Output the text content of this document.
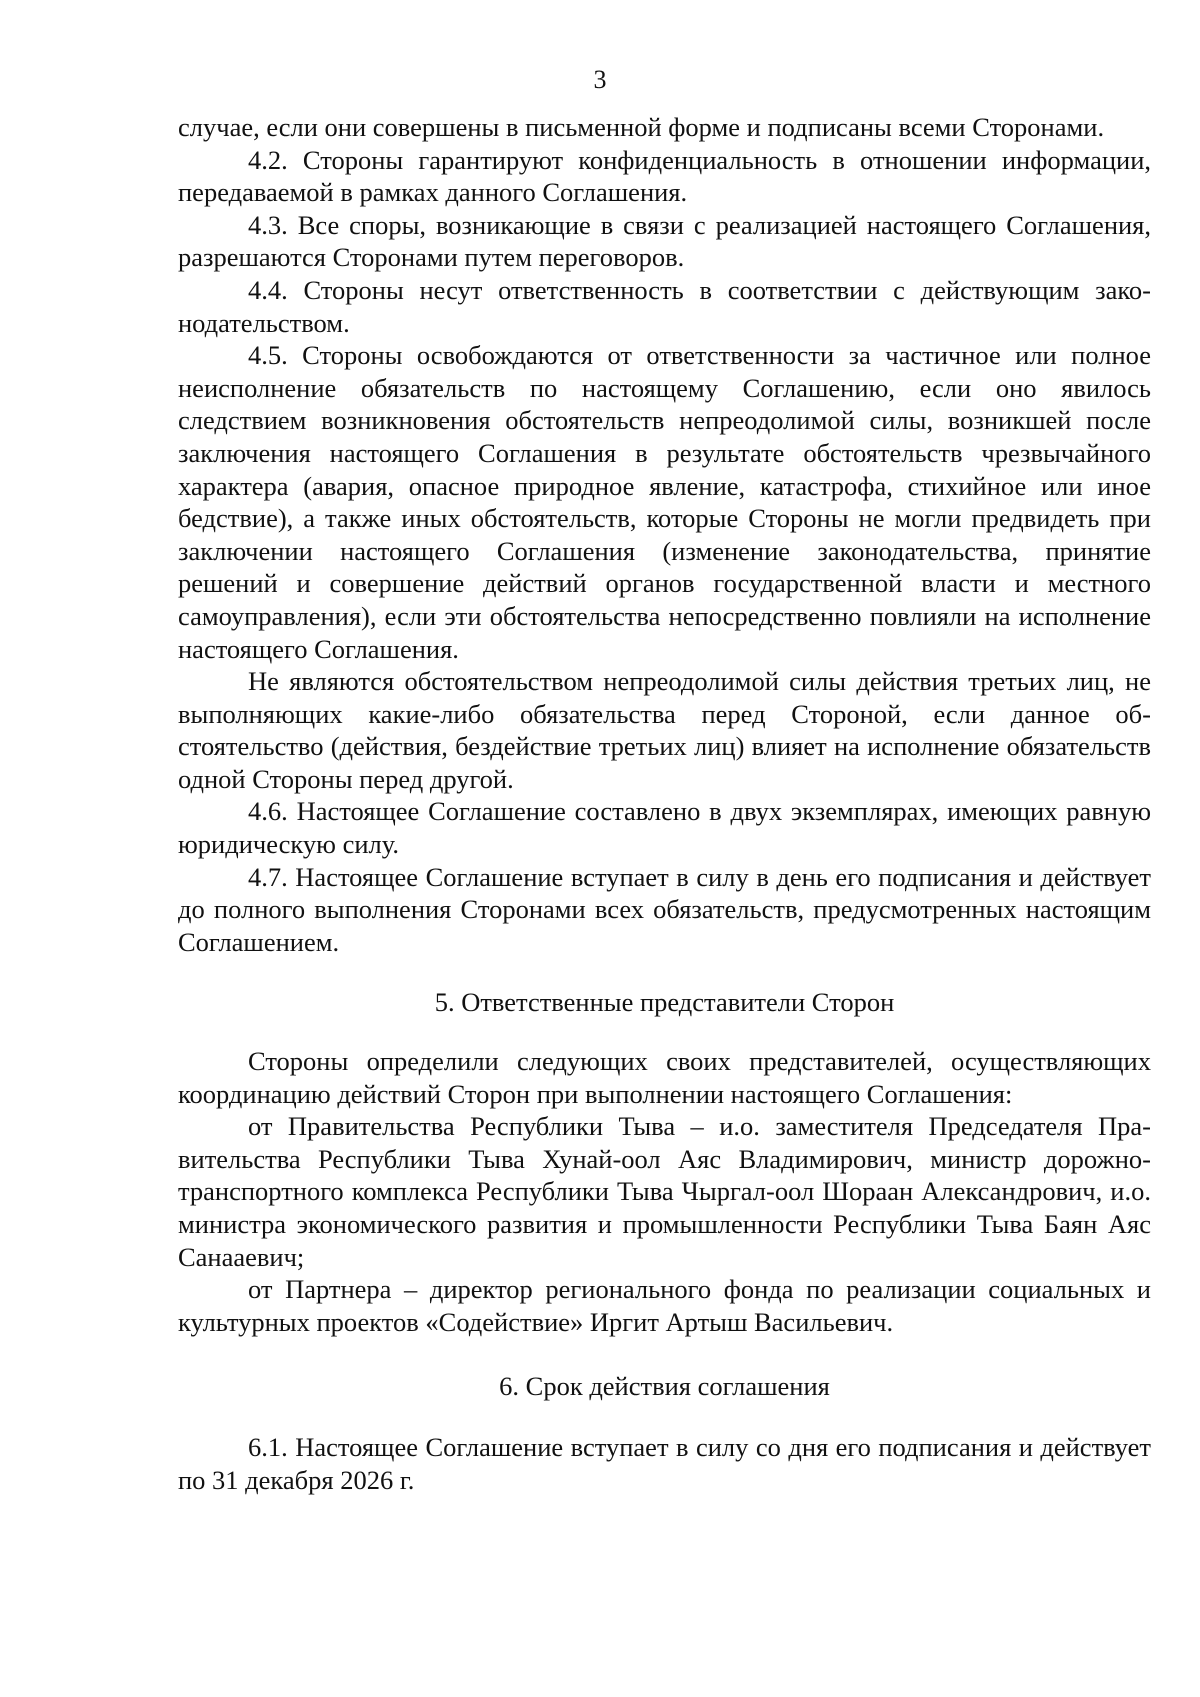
3

случае, если они совершены в письменной форме и подписаны всеми Сторонами.

4.2. Стороны гарантируют конфиденциальность в отношении информации, передаваемой в рамках данного Соглашения.

4.3. Все споры, возникающие в связи с реализацией настоящего Соглашения, разрешаются Сторонами путем переговоров.

4.4. Стороны несут ответственность в соответствии с действующим законодательством.

4.5. Стороны освобождаются от ответственности за частичное или полное неисполнение обязательств по настоящему Соглашению, если оно явилось следствием возникновения обстоятельств непреодолимой силы, возникшей после заключения настоящего Соглашения в результате обстоятельств чрезвычайного характера (авария, опасное природное явление, катастрофа, стихийное или иное бедствие), а также иных обстоятельств, которые Стороны не могли предвидеть при заключении настоящего Соглашения (изменение законодательства, принятие решений и совершение действий органов государственной власти и местного самоуправления), если эти обстоятельства непосредственно повлияли на исполнение настоящего Соглашения.

Не являются обстоятельством непреодолимой силы действия третьих лиц, не выполняющих какие-либо обязательства перед Стороной, если данное обстоятельство (действия, бездействие третьих лиц) влияет на исполнение обязательств одной Стороны перед другой.

4.6. Настоящее Соглашение составлено в двух экземплярах, имеющих равную юридическую силу.

4.7. Настоящее Соглашение вступает в силу в день его подписания и действует до полного выполнения Сторонами всех обязательств, предусмотренных настоящим Соглашением.

5. Ответственные представители Сторон

Стороны определили следующих своих представителей, осуществляющих координацию действий Сторон при выполнении настоящего Соглашения:

от Правительства Республики Тыва – и.о. заместителя Председателя Правительства Республики Тыва Хунай-оол Аяс Владимирович, министр дорожно-транспортного комплекса Республики Тыва Чыргал-оол Шораан Александрович, и.о. министра экономического развития и промышленности Республики Тыва Баян Аяс Санааевич;

от Партнера – директор регионального фонда по реализации социальных и культурных проектов «Содействие» Иргит Артыш Васильевич.

6. Срок действия соглашения

6.1. Настоящее Соглашение вступает в силу со дня его подписания и действует по 31 декабря 2026 г.
